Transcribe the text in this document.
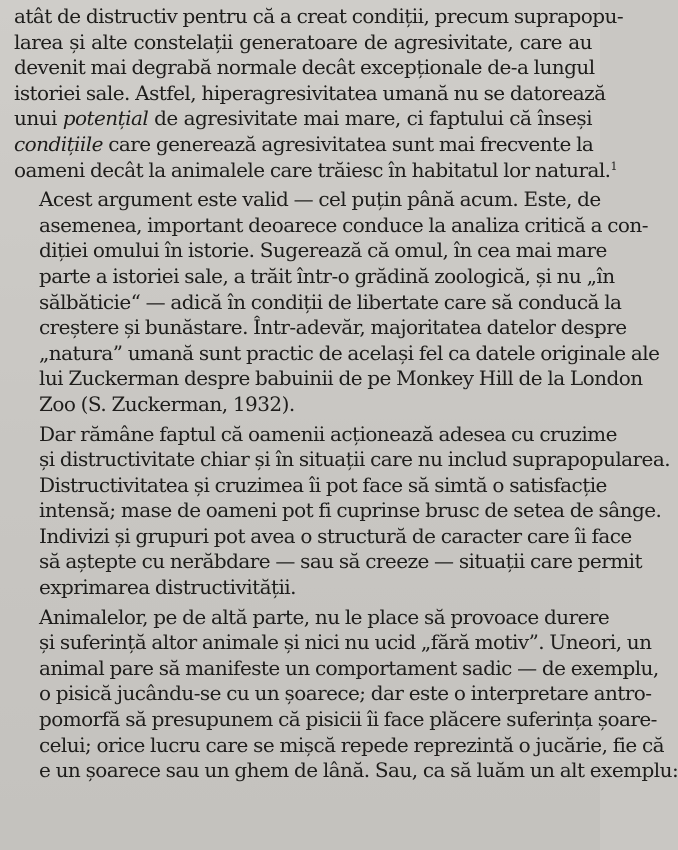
atât de distructiv pentru că a creat condiții, precum suprapopu-
larea și alte constelații generatoare de agresivitate, care au
devenit mai degrabă normale decât excepționale de-a lungul
istoriei sale. Astfel, hiperagresivitatea umană nu se datorează
unui potențial de agresivitate mai mare, ci faptului că înseși
condițiile care generează agresivitatea sunt mai frecvente la
oameni decât la animalele care trăiesc în habitatul lor natural.$^1$
Acest argument este valid — cel puțin până acum. Este, de
asemenea, important deoarece conduce la analiza critică a con-
diției omului în istorie. Sugerează că omul, în cea mai mare
parte a istoriei sale, a trăit într-o grădină zoologică, și nu „în
sălbăticie“ — adică în condiții de libertate care să conducă la
creștere și bunăstare. Într-adevăr, majoritatea datelor despre
„natura” umană sunt practic de același fel ca datele originale ale
lui Zuckerman despre babuinii de pe Monkey Hill de la London
Zoo (S. Zuckerman, 1932).
Dar rămâne faptul că oamenii acționează adesea cu cruzime
și distructivitate chiar și în situații care nu includ suprapopularea.
Distructivitatea și cruzimea îi pot face să simtă o satisfacție
intensă; mase de oameni pot fi cuprinse brusc de setea de sânge.
Indivizi și grupuri pot avea o structură de caracter care îi face
să aștepte cu nerăbdare — sau să creeze — situații care permit
exprimarea distructivității.
Animalelor, pe de altă parte, nu le place să provoace durere
și suferință altor animale și nici nu ucid „fără motiv”. Uneori, un
animal pare să manifeste un comportament sadic — de exemplu,
o pisică jucându-se cu un șoarece; dar este o interpretare antro-
pomorfă să presupunem că pisicii îi face plăcere suferința șoare-
celui; orice lucru care se mișcă repede reprezintă o jucărie, fie că
e un șoarece sau un ghem de lână. Sau, ca să luăm un alt exemplu:
